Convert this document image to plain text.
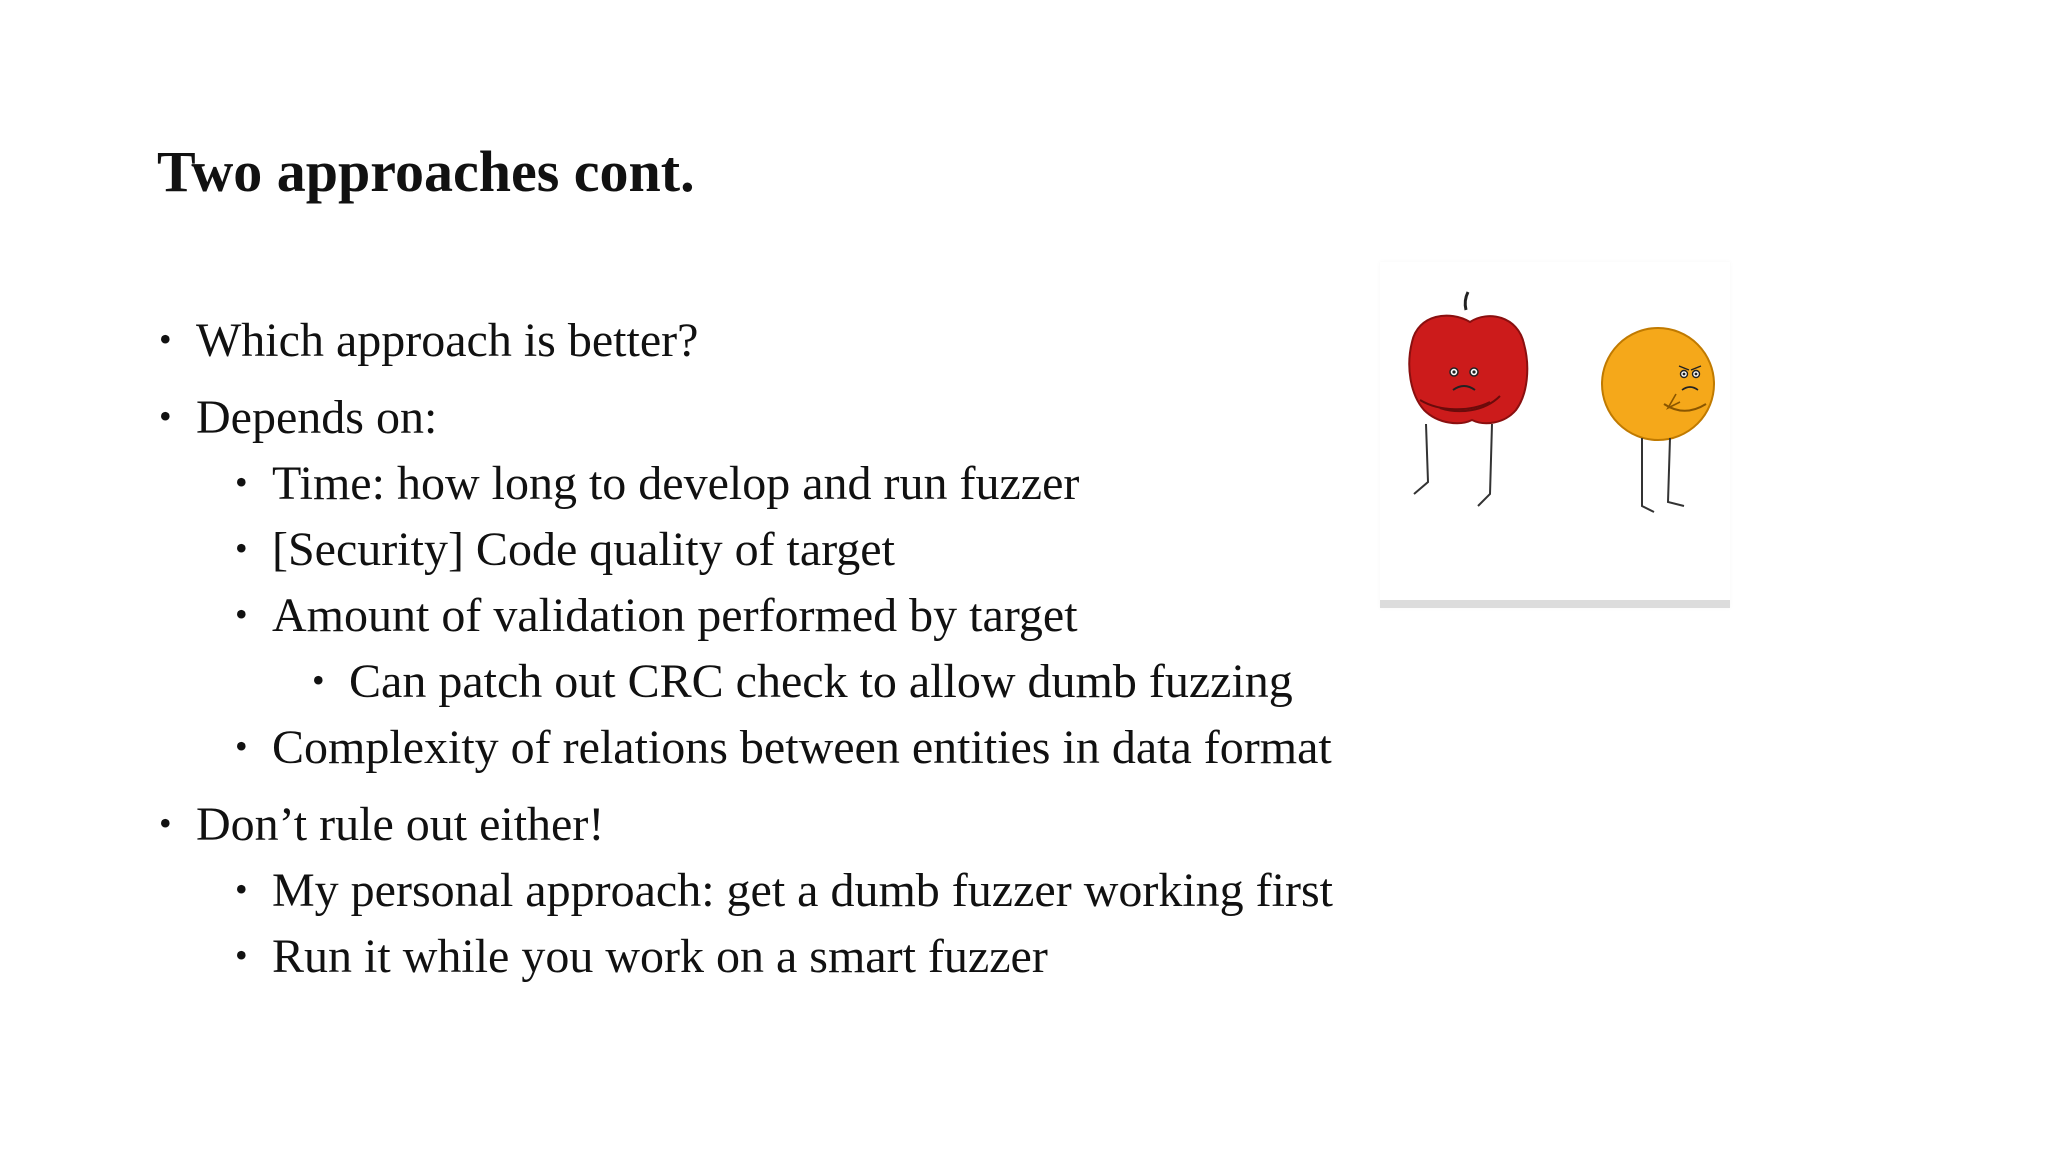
Two approaches cont.
• Which approach is better?
• Depends on:
• Time: how long to develop and run fuzzer
• [Security] Code quality of target
• Amount of validation performed by target
• Can patch out CRC check to allow dumb fuzzing
• Complexity of relations between entities in data format
• Don’t rule out either!
• My personal approach: get a dumb fuzzer working first
• Run it while you work on a smart fuzzer
